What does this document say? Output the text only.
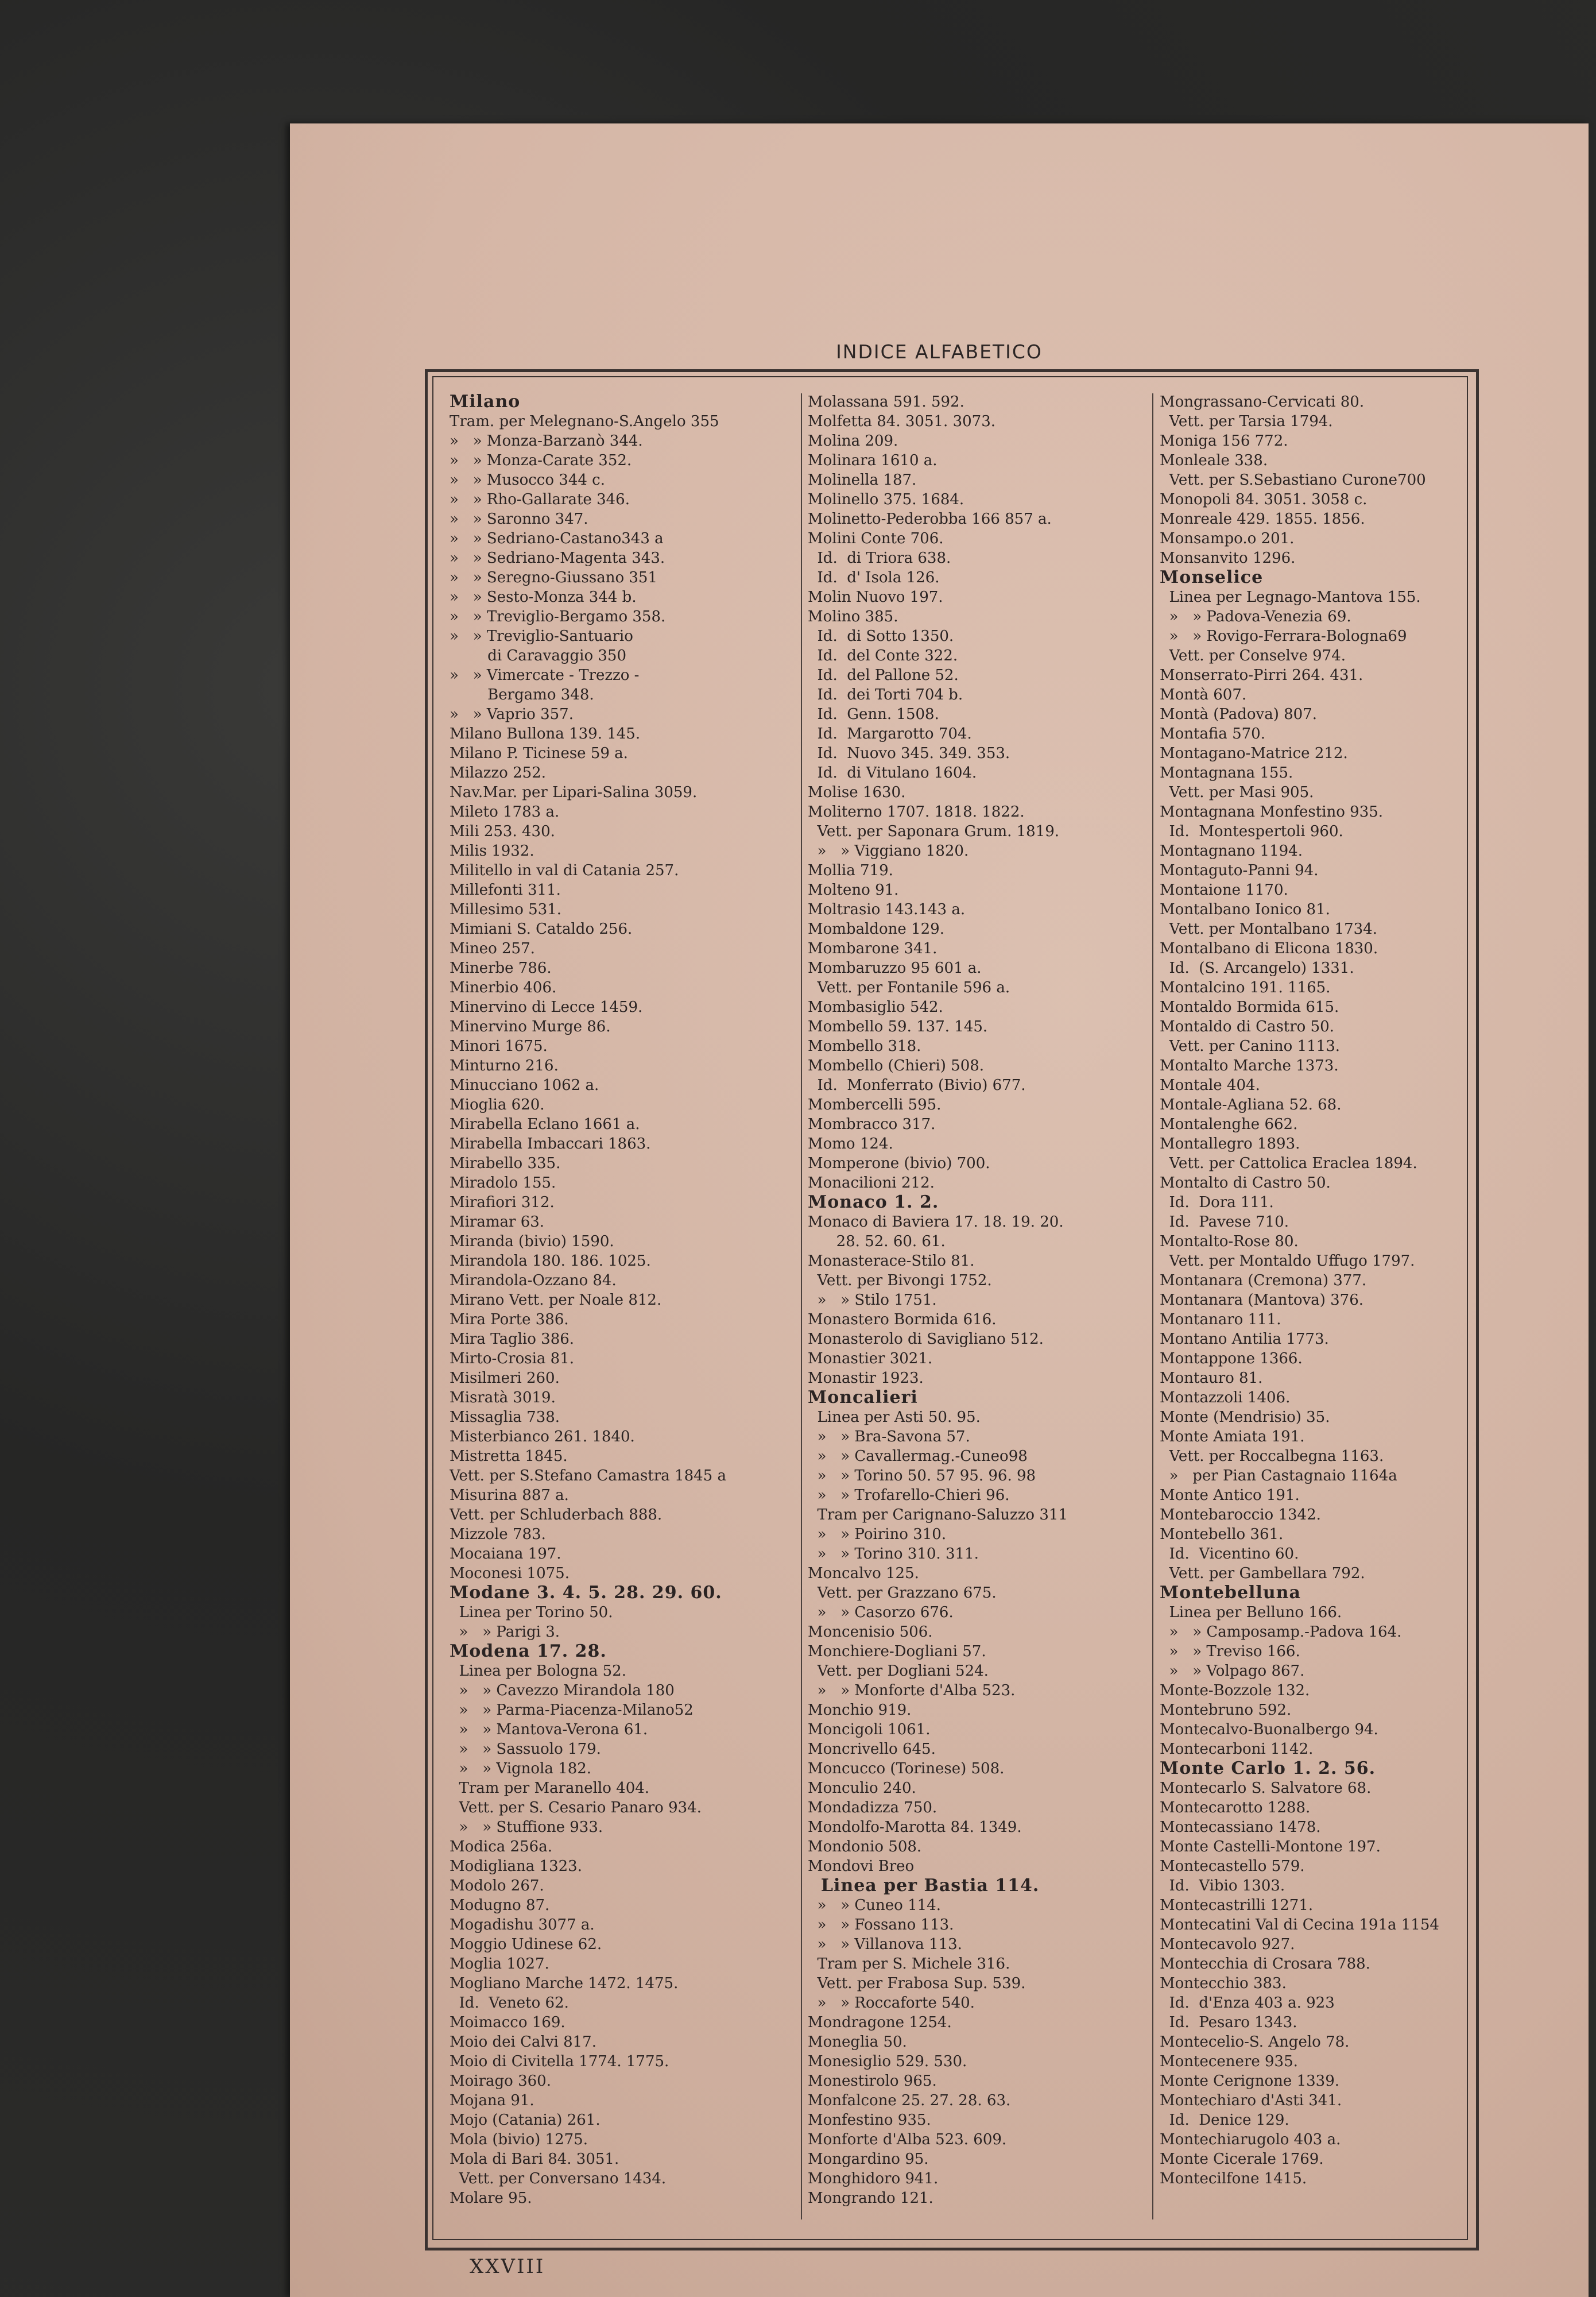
INDICE ALFABETICO
Milano
Tram. per Melegnano-S.Angelo 355
»   » Monza-Barzanò 344.
»   » Monza-Carate 352.
»   » Musocco 344 c.
»   » Rho-Gallarate 346.
»   » Saronno 347.
»   » Sedriano-Castano343 a
»   » Sedriano-Magenta 343.
»   » Seregno-Giussano 351
»   » Sesto-Monza 344 b.
»   » Treviglio-Bergamo 358.
»   » Treviglio-Santuario
di Caravaggio 350
»   » Vimercate - Trezzo -
Bergamo 348.
»   » Vaprio 357.
Milano Bullona 139. 145.
Milano P. Ticinese 59 a.
Milazzo 252.
Nav.Mar. per Lipari-Salina 3059.
Mileto 1783 a.
Mili 253. 430.
Milis 1932.
Militello in val di Catania 257.
Millefonti 311.
Millesimo 531.
Mimiani S. Cataldo 256.
Mineo 257.
Minerbe 786.
Minerbio 406.
Minervino di Lecce 1459.
Minervino Murge 86.
Minori 1675.
Minturno 216.
Minucciano 1062 a.
Mioglia 620.
Mirabella Eclano 1661 a.
Mirabella Imbaccari 1863.
Mirabello 335.
Miradolo 155.
Mirafiori 312.
Miramar 63.
Miranda (bivio) 1590.
Mirandola 180. 186. 1025.
Mirandola-Ozzano 84.
Mirano Vett. per Noale 812.
Mira Porte 386.
Mira Taglio 386.
Mirto-Crosia 81.
Misilmeri 260.
Misratà 3019.
Missaglia 738.
Misterbianco 261. 1840.
Mistretta 1845.
Vett. per S.Stefano Camastra 1845 a
Misurina 887 a.
Vett. per Schluderbach 888.
Mizzole 783.
Mocaiana 197.
Moconesi 1075.
Modane 3. 4. 5. 28. 29. 60.
Linea per Torino 50.
»   » Parigi 3.
Modena 17. 28.
Linea per Bologna 52.
»   » Cavezzo Mirandola 180
»   » Parma-Piacenza-Milano52
»   » Mantova-Verona 61.
»   » Sassuolo 179.
»   » Vignola 182.
Tram per Maranello 404.
Vett. per S. Cesario Panaro 934.
»   » Stuffione 933.
Modica 256a.
Modigliana 1323.
Modolo 267.
Modugno 87.
Mogadishu 3077 a.
Moggio Udinese 62.
Moglia 1027.
Mogliano Marche 1472. 1475.
Id.  Veneto 62.
Moimacco 169.
Moio dei Calvi 817.
Moio di Civitella 1774. 1775.
Moirago 360.
Mojana 91.
Mojo (Catania) 261.
Mola (bivio) 1275.
Mola di Bari 84. 3051.
Vett. per Conversano 1434.
Molare 95.
Molassana 591. 592.
Molfetta 84. 3051. 3073.
Molina 209.
Molinara 1610 a.
Molinella 187.
Molinello 375. 1684.
Molinetto-Pederobba 166 857 a.
Molini Conte 706.
Id.  di Triora 638.
Id.  d' Isola 126.
Molin Nuovo 197.
Molino 385.
Id.  di Sotto 1350.
Id.  del Conte 322.
Id.  del Pallone 52.
Id.  dei Torti 704 b.
Id.  Genn. 1508.
Id.  Margarotto 704.
Id.  Nuovo 345. 349. 353.
Id.  di Vitulano 1604.
Molise 1630.
Moliterno 1707. 1818. 1822.
Vett. per Saponara Grum. 1819.
»   » Viggiano 1820.
Mollia 719.
Molteno 91.
Moltrasio 143.143 a.
Mombaldone 129.
Mombarone 341.
Mombaruzzo 95 601 a.
Vett. per Fontanile 596 a.
Mombasiglio 542.
Mombello 59. 137. 145.
Mombello 318.
Mombello (Chieri) 508.
Id.  Monferrato (Bivio) 677.
Mombercelli 595.
Mombracco 317.
Momo 124.
Momperone (bivio) 700.
Monacilioni 212.
Monaco 1. 2.
Monaco di Baviera 17. 18. 19. 20.
28. 52. 60. 61.
Monasterace-Stilo 81.
Vett. per Bivongi 1752.
»   » Stilo 1751.
Monastero Bormida 616.
Monasterolo di Savigliano 512.
Monastier 3021.
Monastir 1923.
Moncalieri
Linea per Asti 50. 95.
»   » Bra-Savona 57.
»   » Cavallermag.-Cuneo98
»   » Torino 50. 57 95. 96. 98
»   » Trofarello-Chieri 96.
Tram per Carignano-Saluzzo 311
»   » Poirino 310.
»   » Torino 310. 311.
Moncalvo 125.
Vett. per Grazzano 675.
»   » Casorzo 676.
Moncenisio 506.
Monchiere-Dogliani 57.
Vett. per Dogliani 524.
»   » Monforte d'Alba 523.
Monchio 919.
Moncigoli 1061.
Moncrivello 645.
Moncucco (Torinese) 508.
Monculio 240.
Mondadizza 750.
Mondolfo-Marotta 84. 1349.
Mondonio 508.
Mondovi Breo
Linea per Bastia 114.
»   » Cuneo 114.
»   » Fossano 113.
»   » Villanova 113.
Tram per S. Michele 316.
Vett. per Frabosa Sup. 539.
»   » Roccaforte 540.
Mondragone 1254.
Moneglia 50.
Monesiglio 529. 530.
Monestirolo 965.
Monfalcone 25. 27. 28. 63.
Monfestino 935.
Monforte d'Alba 523. 609.
Mongardino 95.
Monghidoro 941.
Mongrando 121.
Mongrassano-Cervicati 80.
Vett. per Tarsia 1794.
Moniga 156 772.
Monleale 338.
Vett. per S.Sebastiano Curone700
Monopoli 84. 3051. 3058 c.
Monreale 429. 1855. 1856.
Monsampo.o 201.
Monsanvito 1296.
Monselice
Linea per Legnago-Mantova 155.
»   » Padova-Venezia 69.
»   » Rovigo-Ferrara-Bologna69
Vett. per Conselve 974.
Monserrato-Pirri 264. 431.
Montà 607.
Montà (Padova) 807.
Montafia 570.
Montagano-Matrice 212.
Montagnana 155.
Vett. per Masi 905.
Montagnana Monfestino 935.
Id.  Montespertoli 960.
Montagnano 1194.
Montaguto-Panni 94.
Montaione 1170.
Montalbano Ionico 81.
Vett. per Montalbano 1734.
Montalbano di Elicona 1830.
Id.  (S. Arcangelo) 1331.
Montalcino 191. 1165.
Montaldo Bormida 615.
Montaldo di Castro 50.
Vett. per Canino 1113.
Montalto Marche 1373.
Montale 404.
Montale-Agliana 52. 68.
Montalenghe 662.
Montallegro 1893.
Vett. per Cattolica Eraclea 1894.
Montalto di Castro 50.
Id.  Dora 111.
Id.  Pavese 710.
Montalto-Rose 80.
Vett. per Montaldo Uffugo 1797.
Montanara (Cremona) 377.
Montanara (Mantova) 376.
Montanaro 111.
Montano Antilia 1773.
Montappone 1366.
Montauro 81.
Montazzoli 1406.
Monte (Mendrisio) 35.
Monte Amiata 191.
Vett. per Roccalbegna 1163.
»   per Pian Castagnaio 1164a
Monte Antico 191.
Montebaroccio 1342.
Montebello 361.
Id.  Vicentino 60.
Vett. per Gambellara 792.
Montebelluna
Linea per Belluno 166.
»   » Camposamp.-Padova 164.
»   » Treviso 166.
»   » Volpago 867.
Monte-Bozzole 132.
Montebruno 592.
Montecalvo-Buonalbergo 94.
Montecarboni 1142.
Monte Carlo 1. 2. 56.
Montecarlo S. Salvatore 68.
Montecarotto 1288.
Montecassiano 1478.
Monte Castelli-Montone 197.
Montecastello 579.
Id.  Vibio 1303.
Montecastrilli 1271.
Montecatini Val di Cecina 191a 1154
Montecavolo 927.
Montecchia di Crosara 788.
Montecchio 383.
Id.  d'Enza 403 a. 923
Id.  Pesaro 1343.
Montecelio-S. Angelo 78.
Montecenere 935.
Monte Cerignone 1339.
Montechiaro d'Asti 341.
Id.  Denice 129.
Montechiarugolo 403 a.
Monte Cicerale 1769.
Montecilfone 1415.
XXVIII
